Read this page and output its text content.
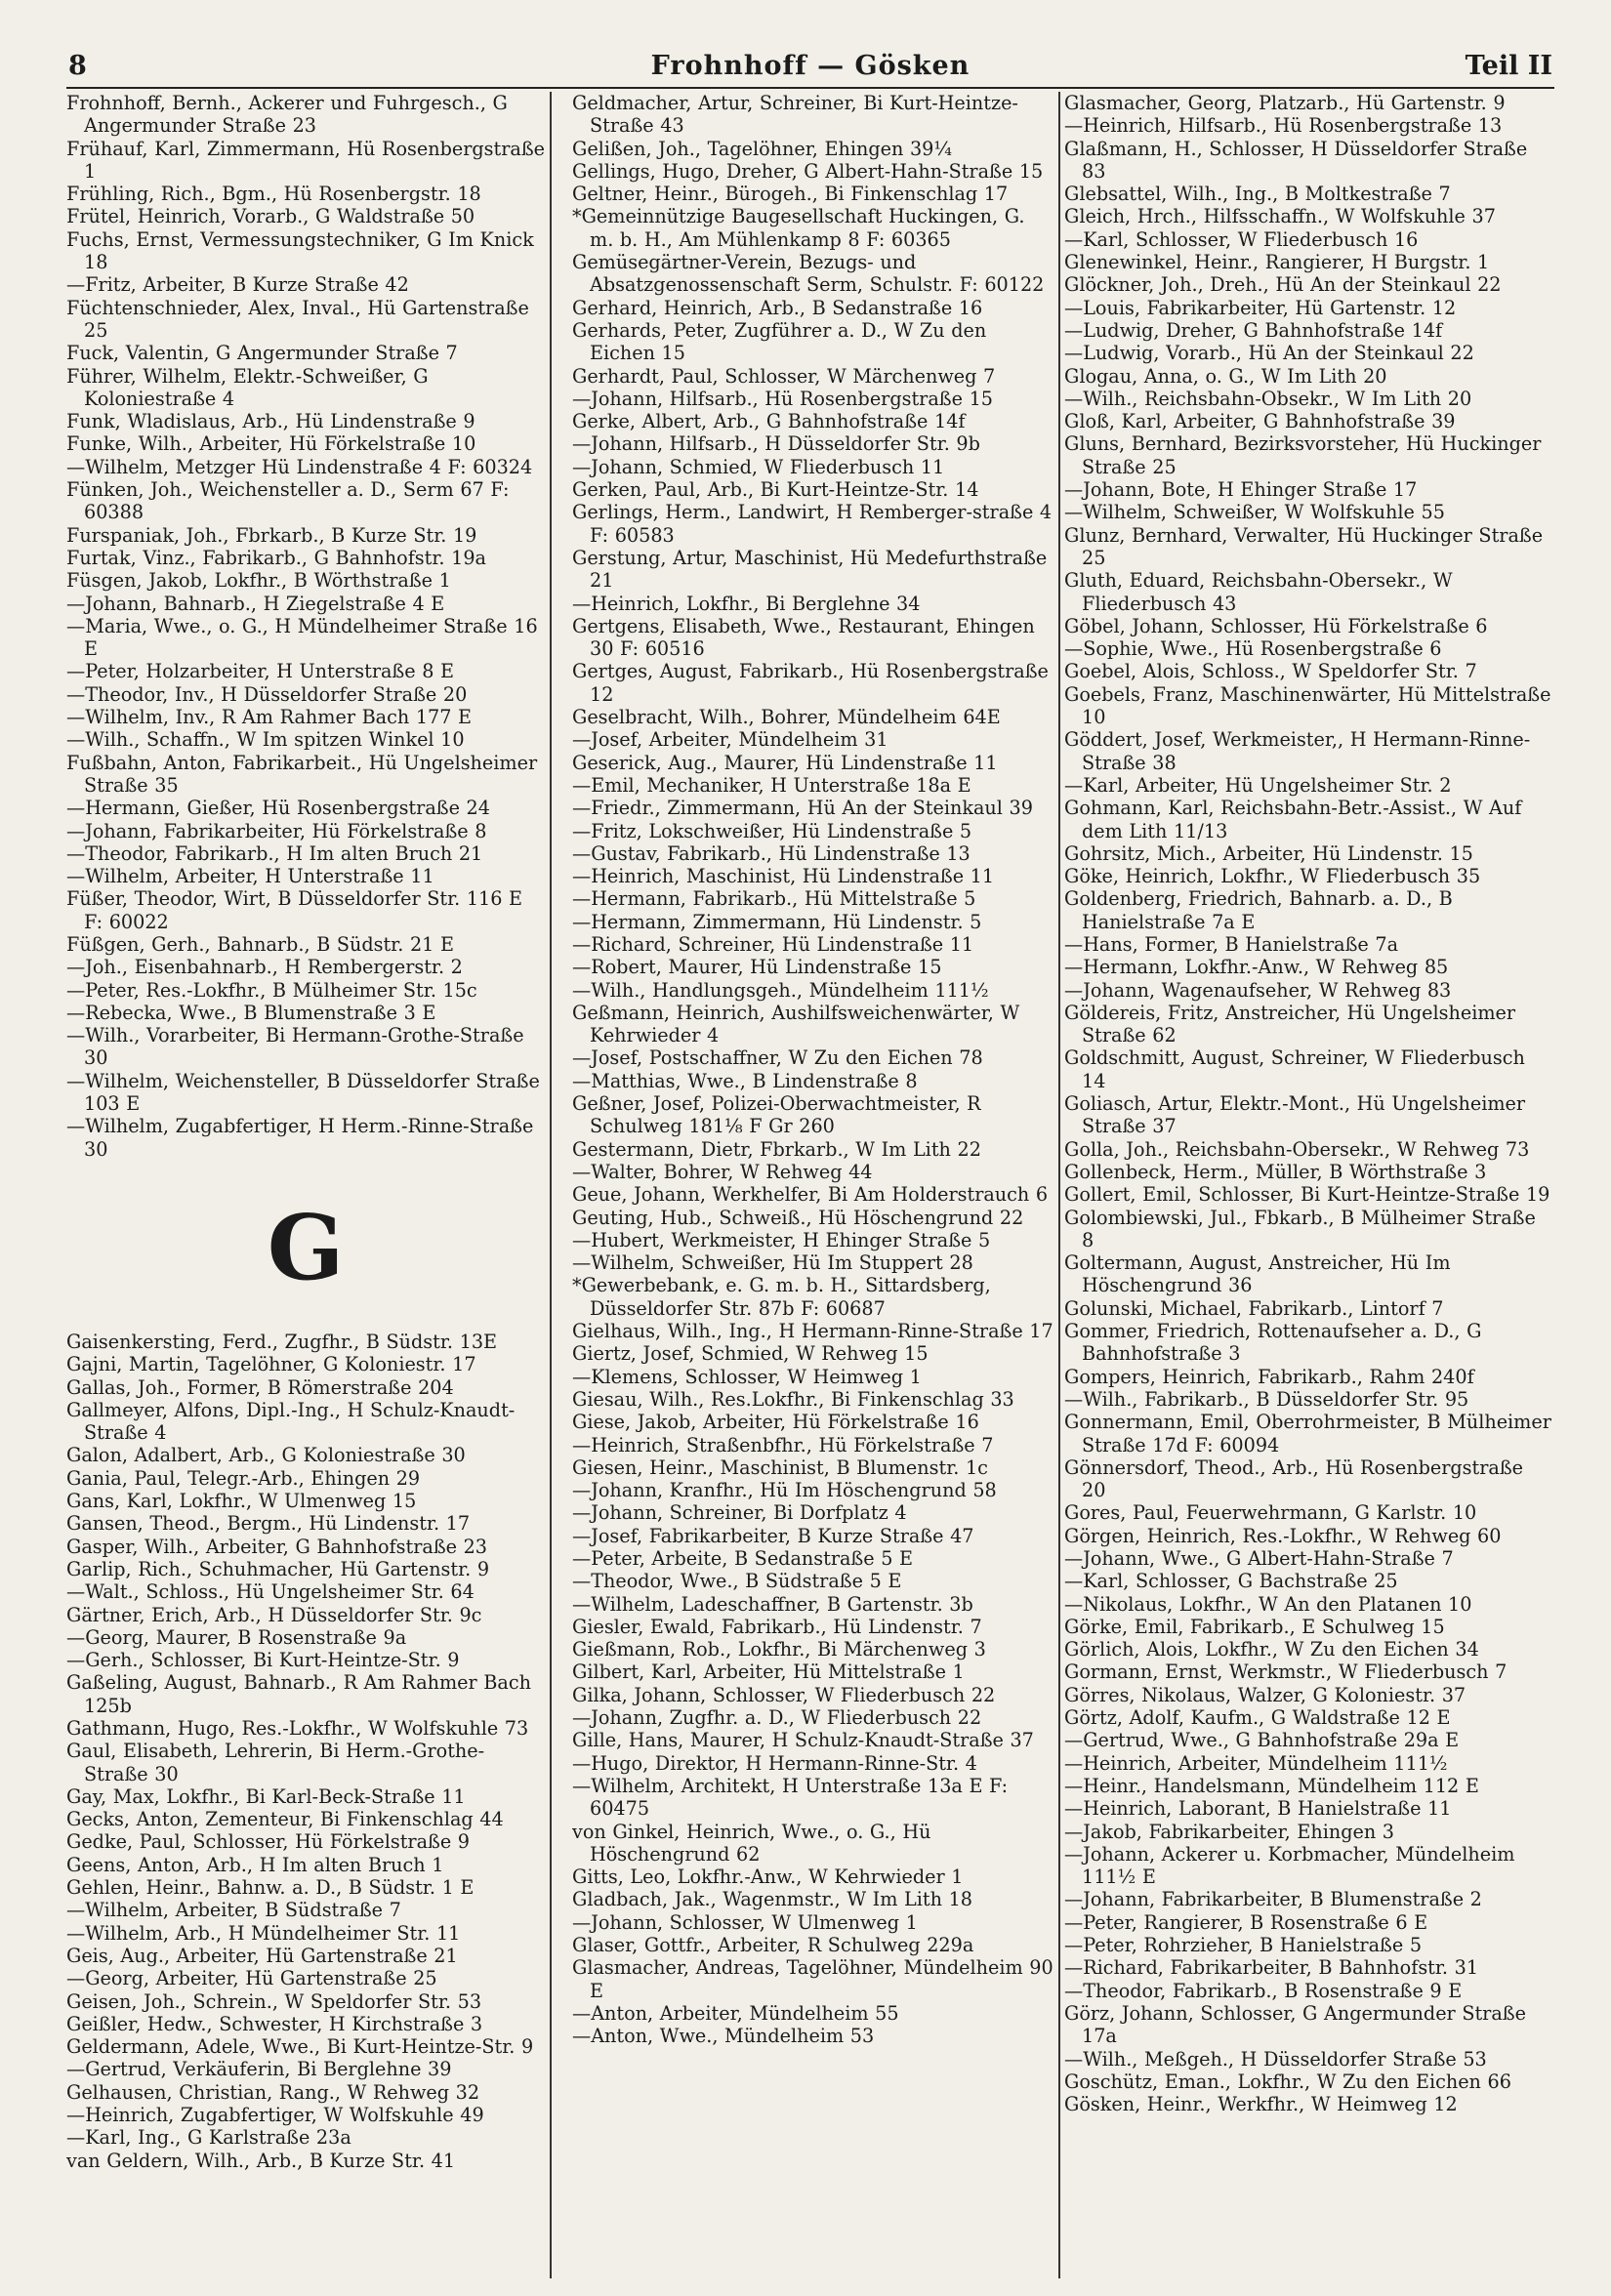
8	Frohnhoff — Gösken	Teil II

Frohnhoff, Bernh., Ackerer und Fuhrgesch., G Angermunder Straße 23

Frühauf, Karl, Zimmermann, Hü Rosenbergstraße 1

Frühling, Rich., Bgm., Hü Rosenbergstr. 18

Frütel, Heinrich, Vorarb., G Waldstraße 50

Fuchs, Ernst, Vermessungstechniker, G Im Knick 18

—Fritz, Arbeiter, B Kurze Straße 42

Füchtenschnieder, Alex, Inval., Hü Gartenstraße 25

Fuck, Valentin, G Angermunder Straße 7

Führer, Wilhelm, Elektr.-Schweißer, G Koloniestraße 4

Funk, Wladislaus, Arb., Hü Lindenstraße 9

Funke, Wilh., Arbeiter, Hü Förkelstraße 10

—Wilhelm, Metzger Hü Lindenstraße 4 F: 60324

Fünken, Joh., Weichensteller a. D., Serm 67 F: 60388

Furspaniak, Joh., Fbrkarb., B Kurze Str. 19

Furtak, Vinz., Fabrikarb., G Bahnhofstr. 19a

Füsgen, Jakob, Lokfhr., B Wörthstraße 1

—Johann, Bahnarb., H Ziegelstraße 4 E

—Maria, Wwe., o. G., H Mündelheimer Straße 16 E

—Peter, Holzarbeiter, H Unterstraße 8 E

—Theodor, Inv., H Düsseldorfer Straße 20

—Wilhelm, Inv., R Am Rahmer Bach 177 E

—Wilh., Schaffn., W Im spitzen Winkel 10

Fußbahn, Anton, Fabrikarbeit., Hü Ungelsheimer Straße 35

—Hermann, Gießer, Hü Rosenbergstraße 24

—Johann, Fabrikarbeiter, Hü Förkelstraße 8

—Theodor, Fabrikarb., H Im alten Bruch 21

—Wilhelm, Arbeiter, H Unterstraße 11

Füßer, Theodor, Wirt, B Düsseldorfer Str. 116 E F: 60022

Füßgen, Gerh., Bahnarb., B Südstr. 21 E

—Joh., Eisenbahnarb., H Rembergerstr. 2

—Peter, Res.-Lokfhr., B Mülheimer Str. 15c

—Rebecka, Wwe., B Blumenstraße 3 E

—Wilh., Vorarbeiter, Bi Hermann-Grothe-Straße 30

—Wilhelm, Weichensteller, B Düsseldorfer Straße 103 E

—Wilhelm, Zugabfertiger, H Herm.-Rinne-Straße 30

G

Gaisenkersting, Ferd., Zugfhr., B Südstr. 13E

Gajni, Martin, Tagelöhner, G Koloniestr. 17

Gallas, Joh., Former, B Römerstraße 204

Gallmeyer, Alfons, Dipl.-Ing., H Schulz-Knaudt-Straße 4

Galon, Adalbert, Arb., G Koloniestraße 30

Gania, Paul, Telegr.-Arb., Ehingen 29

Gans, Karl, Lokfhr., W Ulmenweg 15

Gansen, Theod., Bergm., Hü Lindenstr. 17

Gasper, Wilh., Arbeiter, G Bahnhofstraße 23

Garlip, Rich., Schuhmacher, Hü Gartenstr. 9

—Walt., Schloss., Hü Ungelsheimer Str. 64

Gärtner, Erich, Arb., H Düsseldorfer Str. 9c

—Georg, Maurer, B Rosenstraße 9a

—Gerh., Schlosser, Bi Kurt-Heintze-Str. 9

Gaßeling, August, Bahnarb., R Am Rahmer Bach 125b

Gathmann, Hugo, Res.-Lokfhr., W Wolfskuhle 73

Gaul, Elisabeth, Lehrerin, Bi Herm.-Grothe-Straße 30

Gay, Max, Lokfhr., Bi Karl-Beck-Straße 11

Gecks, Anton, Zementeur, Bi Finkenschlag 44

Gedke, Paul, Schlosser, Hü Förkelstraße 9

Geens, Anton, Arb., H Im alten Bruch 1

Gehlen, Heinr., Bahnw. a. D., B Südstr. 1 E

—Wilhelm, Arbeiter, B Südstraße 7

—Wilhelm, Arb., H Mündelheimer Str. 11

Geis, Aug., Arbeiter, Hü Gartenstraße 21

—Georg, Arbeiter, Hü Gartenstraße 25

Geisen, Joh., Schrein., W Speldorfer Str. 53

Geißler, Hedw., Schwester, H Kirchstraße 3

Geldermann, Adele, Wwe., Bi Kurt-Heintze-Str. 9

—Gertrud, Verkäuferin, Bi Berglehne 39

Gelhausen, Christian, Rang., W Rehweg 32

—Heinrich, Zugabfertiger, W Wolfskuhle 49

—Karl, Ing., G Karlstraße 23a

van Geldern, Wilh., Arb., B Kurze Str. 41

Geldmacher, Artur, Schreiner, Bi Kurt-Heintze-Straße 43

Gelißen, Joh., Tagelöhner, Ehingen 39¼

Gellings, Hugo, Dreher, G Albert-Hahn-Straße 15

Geltner, Heinr., Bürogeh., Bi Finkenschlag 17

*Gemeinnützige Baugesellschaft Huckingen, G. m. b. H., Am Mühlenkamp 8 F: 60365

Gemüsegärtner-Verein, Bezugs- und Absatzgenossenschaft Serm, Schulstr. F: 60122

Gerhard, Heinrich, Arb., B Sedanstraße 16

Gerhards, Peter, Zugführer a. D., W Zu den Eichen 15

Gerhardt, Paul, Schlosser, W Märchenweg 7

—Johann, Hilfsarb., Hü Rosenbergstraße 15

Gerke, Albert, Arb., G Bahnhofstraße 14f

—Johann, Hilfsarb., H Düsseldorfer Str. 9b

—Johann, Schmied, W Fliederbusch 11

Gerken, Paul, Arb., Bi Kurt-Heintze-Str. 14

Gerlings, Herm., Landwirt, H Remberger-straße 4 F: 60583

Gerstung, Artur, Maschinist, Hü Medefurthstraße 21

—Heinrich, Lokfhr., Bi Berglehne 34

Gertgens, Elisabeth, Wwe., Restaurant, Ehingen 30 F: 60516

Gertges, August, Fabrikarb., Hü Rosenbergstraße 12

Geselbracht, Wilh., Bohrer, Mündelheim 64E

—Josef, Arbeiter, Mündelheim 31

Geserick, Aug., Maurer, Hü Lindenstraße 11

—Emil, Mechaniker, H Unterstraße 18a E

—Friedr., Zimmermann, Hü An der Steinkaul 39

—Fritz, Lokschweißer, Hü Lindenstraße 5

—Gustav, Fabrikarb., Hü Lindenstraße 13

—Heinrich, Maschinist, Hü Lindenstraße 11

—Hermann, Fabrikarb., Hü Mittelstraße 5

—Hermann, Zimmermann, Hü Lindenstr. 5

—Richard, Schreiner, Hü Lindenstraße 11

—Robert, Maurer, Hü Lindenstraße 15

—Wilh., Handlungsgeh., Mündelheim 111½

Geßmann, Heinrich, Aushilfsweichenwärter, W Kehrwieder 4

—Josef, Postschaffner, W Zu den Eichen 78

—Matthias, Wwe., B Lindenstraße 8

Geßner, Josef, Polizei-Oberwachtmeister, R Schulweg 181⅛ F Gr 260

Gestermann, Dietr, Fbrkarb., W Im Lith 22

—Walter, Bohrer, W Rehweg 44

Geue, Johann, Werkhelfer, Bi Am Holderstrauch 6

Geuting, Hub., Schweiß., Hü Höschengrund 22

—Hubert, Werkmeister, H Ehinger Straße 5

—Wilhelm, Schweißer, Hü Im Stuppert 28

*Gewerbebank, e. G. m. b. H., Sittardsberg, Düsseldorfer Str. 87b F: 60687

Gielhaus, Wilh., Ing., H Hermann-Rinne-Straße 17

Giertz, Josef, Schmied, W Rehweg 15

—Klemens, Schlosser, W Heimweg 1

Giesau, Wilh., Res.Lokfhr., Bi Finkenschlag 33

Giese, Jakob, Arbeiter, Hü Förkelstraße 16

—Heinrich, Straßenbfhr., Hü Förkelstraße 7

Giesen, Heinr., Maschinist, B Blumenstr. 1c

—Johann, Kranfhr., Hü Im Höschengrund 58

—Johann, Schreiner, Bi Dorfplatz 4

—Josef, Fabrikarbeiter, B Kurze Straße 47

—Peter, Arbeite, B Sedanstraße 5 E

—Theodor, Wwe., B Südstraße 5 E

—Wilhelm, Ladeschaffner, B Gartenstr. 3b

Giesler, Ewald, Fabrikarb., Hü Lindenstr. 7

Gießmann, Rob., Lokfhr., Bi Märchenweg 3

Gilbert, Karl, Arbeiter, Hü Mittelstraße 1

Gilka, Johann, Schlosser, W Fliederbusch 22

—Johann, Zugfhr. a. D., W Fliederbusch 22

Gille, Hans, Maurer, H Schulz-Knaudt-Straße 37

—Hugo, Direktor, H Hermann-Rinne-Str. 4

—Wilhelm, Architekt, H Unterstraße 13a E F: 60475

von Ginkel, Heinrich, Wwe., o. G., Hü Höschengrund 62

Gitts, Leo, Lokfhr.-Anw., W Kehrwieder 1

Gladbach, Jak., Wagenmstr., W Im Lith 18

—Johann, Schlosser, W Ulmenweg 1

Glaser, Gottfr., Arbeiter, R Schulweg 229a

Glasmacher, Andreas, Tagelöhner, Mündelheim 90 E

—Anton, Arbeiter, Mündelheim 55

—Anton, Wwe., Mündelheim 53

Glasmacher, Georg, Platzarb., Hü Gartenstr. 9

—Heinrich, Hilfsarb., Hü Rosenbergstraße 13

Glaßmann, H., Schlosser, H Düsseldorfer Straße 83

Glebsattel, Wilh., Ing., B Moltkestraße 7

Gleich, Hrch., Hilfsschaffn., W Wolfskuhle 37

—Karl, Schlosser, W Fliederbusch 16

Glenewinkel, Heinr., Rangierer, H Burgstr. 1

Glöckner, Joh., Dreh., Hü An der Steinkaul 22

—Louis, Fabrikarbeiter, Hü Gartenstr. 12

—Ludwig, Dreher, G Bahnhofstraße 14f

—Ludwig, Vorarb., Hü An der Steinkaul 22

Glogau, Anna, o. G., W Im Lith 20

—Wilh., Reichsbahn-Obsekr., W Im Lith 20

Gloß, Karl, Arbeiter, G Bahnhofstraße 39

Gluns, Bernhard, Bezirksvorsteher, Hü Huckinger Straße 25

—Johann, Bote, H Ehinger Straße 17

—Wilhelm, Schweißer, W Wolfskuhle 55

Glunz, Bernhard, Verwalter, Hü Huckinger Straße 25

Gluth, Eduard, Reichsbahn-Obersekr., W Fliederbusch 43

Göbel, Johann, Schlosser, Hü Förkelstraße 6

—Sophie, Wwe., Hü Rosenbergstraße 6

Goebel, Alois, Schloss., W Speldorfer Str. 7

Goebels, Franz, Maschinenwärter, Hü Mittelstraße 10

Göddert, Josef, Werkmeister,, H Hermann-Rinne-Straße 38

—Karl, Arbeiter, Hü Ungelsheimer Str. 2

Gohmann, Karl, Reichsbahn-Betr.-Assist., W Auf dem Lith 11/13

Gohrsitz, Mich., Arbeiter, Hü Lindenstr. 15

Göke, Heinrich, Lokfhr., W Fliederbusch 35

Goldenberg, Friedrich, Bahnarb. a. D., B Hanielstraße 7a E

—Hans, Former, B Hanielstraße 7a

—Hermann, Lokfhr.-Anw., W Rehweg 85

—Johann, Wagenaufseher, W Rehweg 83

Göldereis, Fritz, Anstreicher, Hü Ungelsheimer Straße 62

Goldschmitt, August, Schreiner, W Fliederbusch 14

Goliasch, Artur, Elektr.-Mont., Hü Ungelsheimer Straße 37

Golla, Joh., Reichsbahn-Obersekr., W Rehweg 73

Gollenbeck, Herm., Müller, B Wörthstraße 3

Gollert, Emil, Schlosser, Bi Kurt-Heintze-Straße 19

Golombiewski, Jul., Fbkarb., B Mülheimer Straße 8

Goltermann, August, Anstreicher, Hü Im Höschengrund 36

Golunski, Michael, Fabrikarb., Lintorf 7

Gommer, Friedrich, Rottenaufseher a. D., G Bahnhofstraße 3

Gompers, Heinrich, Fabrikarb., Rahm 240f

—Wilh., Fabrikarb., B Düsseldorfer Str. 95

Gonnermann, Emil, Oberrohrmeister, B Mülheimer Straße 17d F: 60094

Gönnersdorf, Theod., Arb., Hü Rosenbergstraße 20

Gores, Paul, Feuerwehrmann, G Karlstr. 10

Görgen, Heinrich, Res.-Lokfhr., W Rehweg 60

—Johann, Wwe., G Albert-Hahn-Straße 7

—Karl, Schlosser, G Bachstraße 25

—Nikolaus, Lokfhr., W An den Platanen 10

Görke, Emil, Fabrikarb., E Schulweg 15

Görlich, Alois, Lokfhr., W Zu den Eichen 34

Gormann, Ernst, Werkmstr., W Fliederbusch 7

Görres, Nikolaus, Walzer, G Koloniestr. 37

Görtz, Adolf, Kaufm., G Waldstraße 12 E

—Gertrud, Wwe., G Bahnhofstraße 29a E

—Heinrich, Arbeiter, Mündelheim 111½

—Heinr., Handelsmann, Mündelheim 112 E

—Heinrich, Laborant, B Hanielstraße 11

—Jakob, Fabrikarbeiter, Ehingen 3

—Johann, Ackerer u. Korbmacher, Mündelheim 111½ E

—Johann, Fabrikarbeiter, B Blumenstraße 2

—Peter, Rangierer, B Rosenstraße 6 E

—Peter, Rohrzieher, B Hanielstraße 5

—Richard, Fabrikarbeiter, B Bahnhofstr. 31

—Theodor, Fabrikarb., B Rosenstraße 9 E

Görz, Johann, Schlosser, G Angermunder Straße 17a

—Wilh., Meßgeh., H Düsseldorfer Straße 53

Goschütz, Eman., Lokfhr., W Zu den Eichen 66

Gösken, Heinr., Werkfhr., W Heimweg 12
